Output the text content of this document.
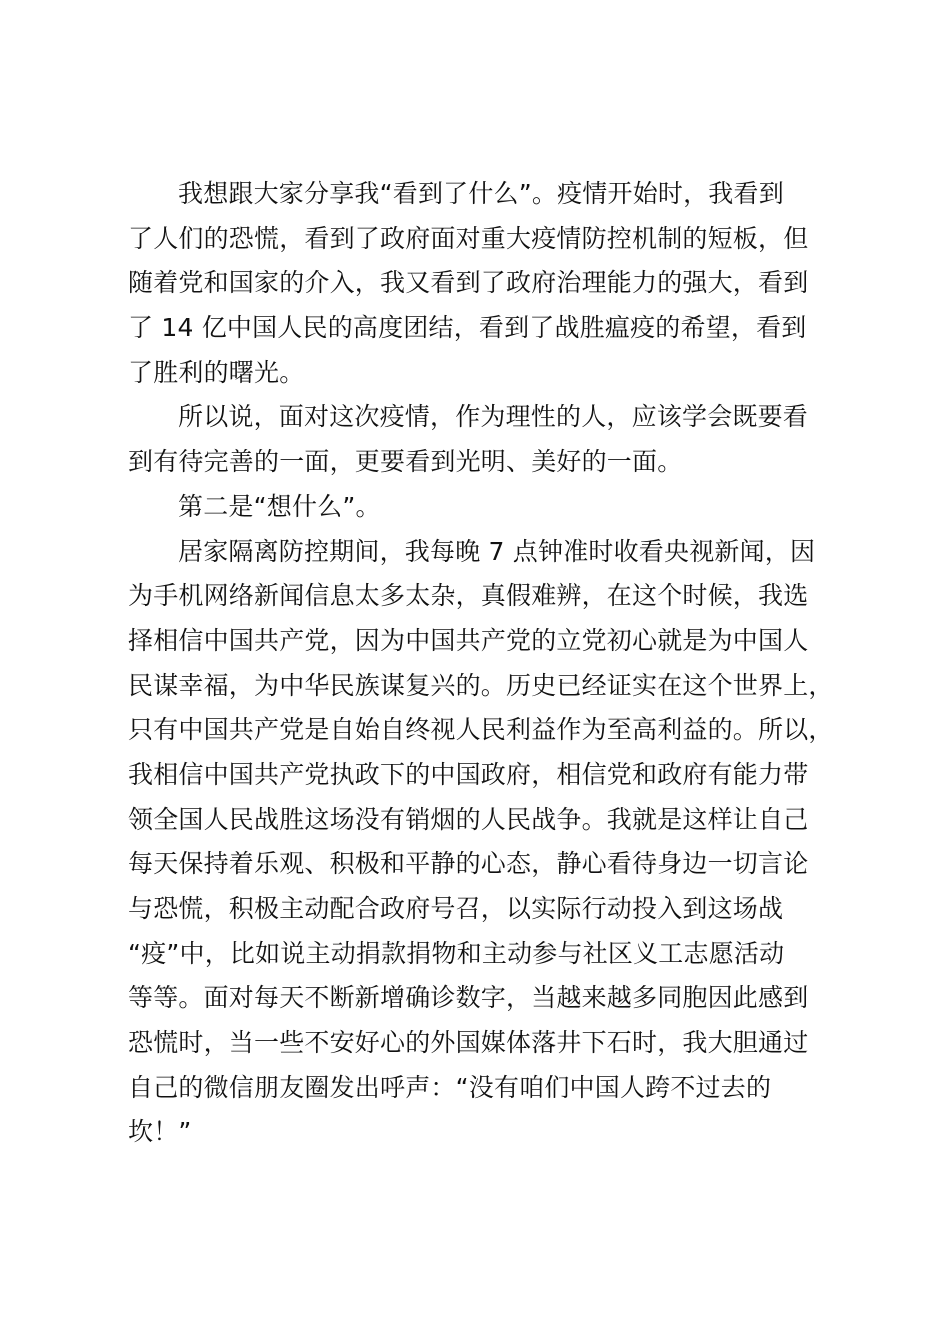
我想跟大家分享我“看到了什么”。疫情开始时，我看到
了人们的恐慌，看到了政府面对重大疫情防控机制的短板，但
随着党和国家的介入，我又看到了政府治理能力的强大，看到
了 14 亿中国人民的高度团结，看到了战胜瘟疫的希望，看到
了胜利的曙光。
所以说，面对这次疫情，作为理性的人，应该学会既要看
到有待完善的一面，更要看到光明、美好的一面。
第二是“想什么”。
居家隔离防控期间，我每晚 7 点钟准时收看央视新闻，因
为手机网络新闻信息太多太杂，真假难辨，在这个时候，我选
择相信中国共产党，因为中国共产党的立党初心就是为中国人
民谋幸福，为中华民族谋复兴的。历史已经证实在这个世界上，
只有中国共产党是自始自终视人民利益作为至高利益的。所以，
我相信中国共产党执政下的中国政府，相信党和政府有能力带
领全国人民战胜这场没有销烟的人民战争。我就是这样让自己
每天保持着乐观、积极和平静的心态，静心看待身边一切言论
与恐慌，积极主动配合政府号召，以实际行动投入到这场战
“疫”中，比如说主动捐款捐物和主动参与社区义工志愿活动
等等。面对每天不断新增确诊数字，当越来越多同胞因此感到
恐慌时，当一些不安好心的外国媒体落井下石时，我大胆通过
自己的微信朋友圈发出呼声：“没有咱们中国人跨不过去的
坎！”
